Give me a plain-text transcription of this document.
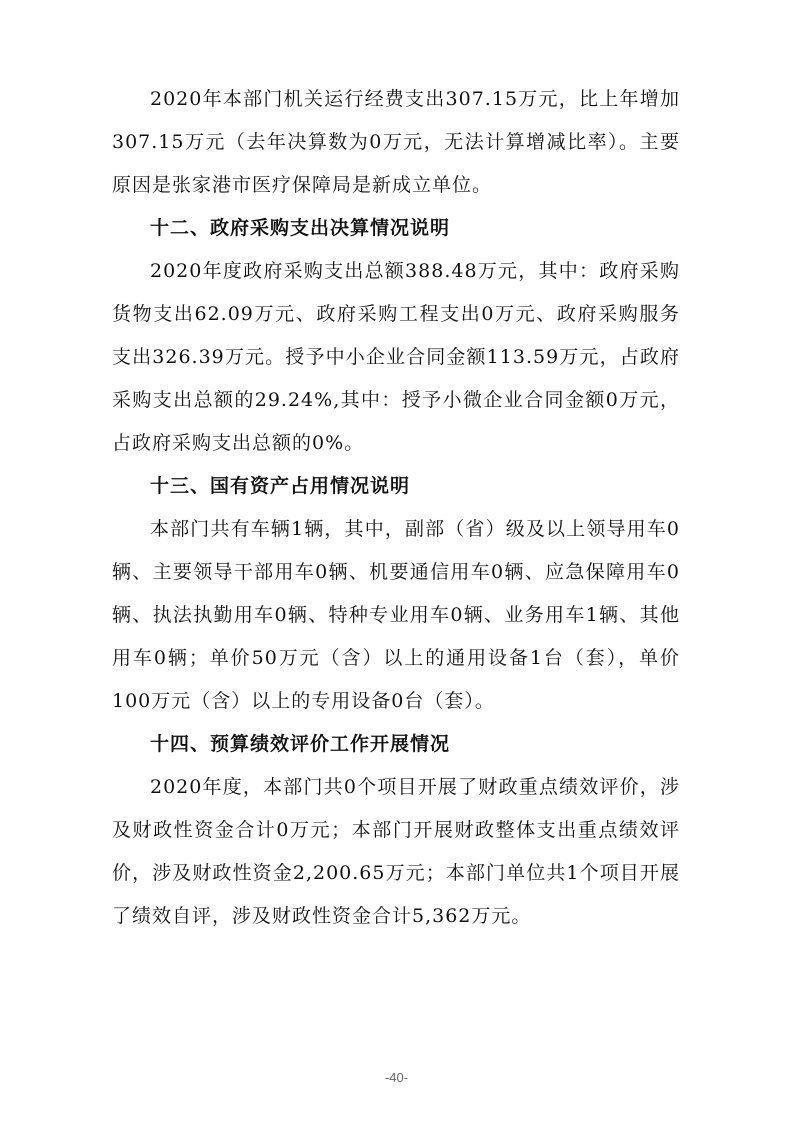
2020年本部门机关运行经费支出307.15万元，比上年增加307.15万元（去年决算数为0万元，无法计算增减比率）。主要原因是张家港市医疗保障局是新成立单位。

十二、政府采购支出决算情况说明

2020年度政府采购支出总额388.48万元，其中：政府采购货物支出62.09万元、政府采购工程支出0万元、政府采购服务支出326.39万元。授予中小企业合同金额113.59万元，占政府采购支出总额的29.24%,其中：授予小微企业合同金额0万元，占政府采购支出总额的0%。

十三、国有资产占用情况说明

本部门共有车辆1辆，其中，副部（省）级及以上领导用车0辆、主要领导干部用车0辆、机要通信用车0辆、应急保障用车0辆、执法执勤用车0辆、特种专业用车0辆、业务用车1辆、其他用车0辆；单价50万元（含）以上的通用设备1台（套），单价100万元（含）以上的专用设备0台（套）。

十四、预算绩效评价工作开展情况

2020年度，本部门共0个项目开展了财政重点绩效评价，涉及财政性资金合计0万元；本部门开展财政整体支出重点绩效评价，涉及财政性资金2,200.65万元；本部门单位共1个项目开展了绩效自评，涉及财政性资金合计5,362万元。

-40-
